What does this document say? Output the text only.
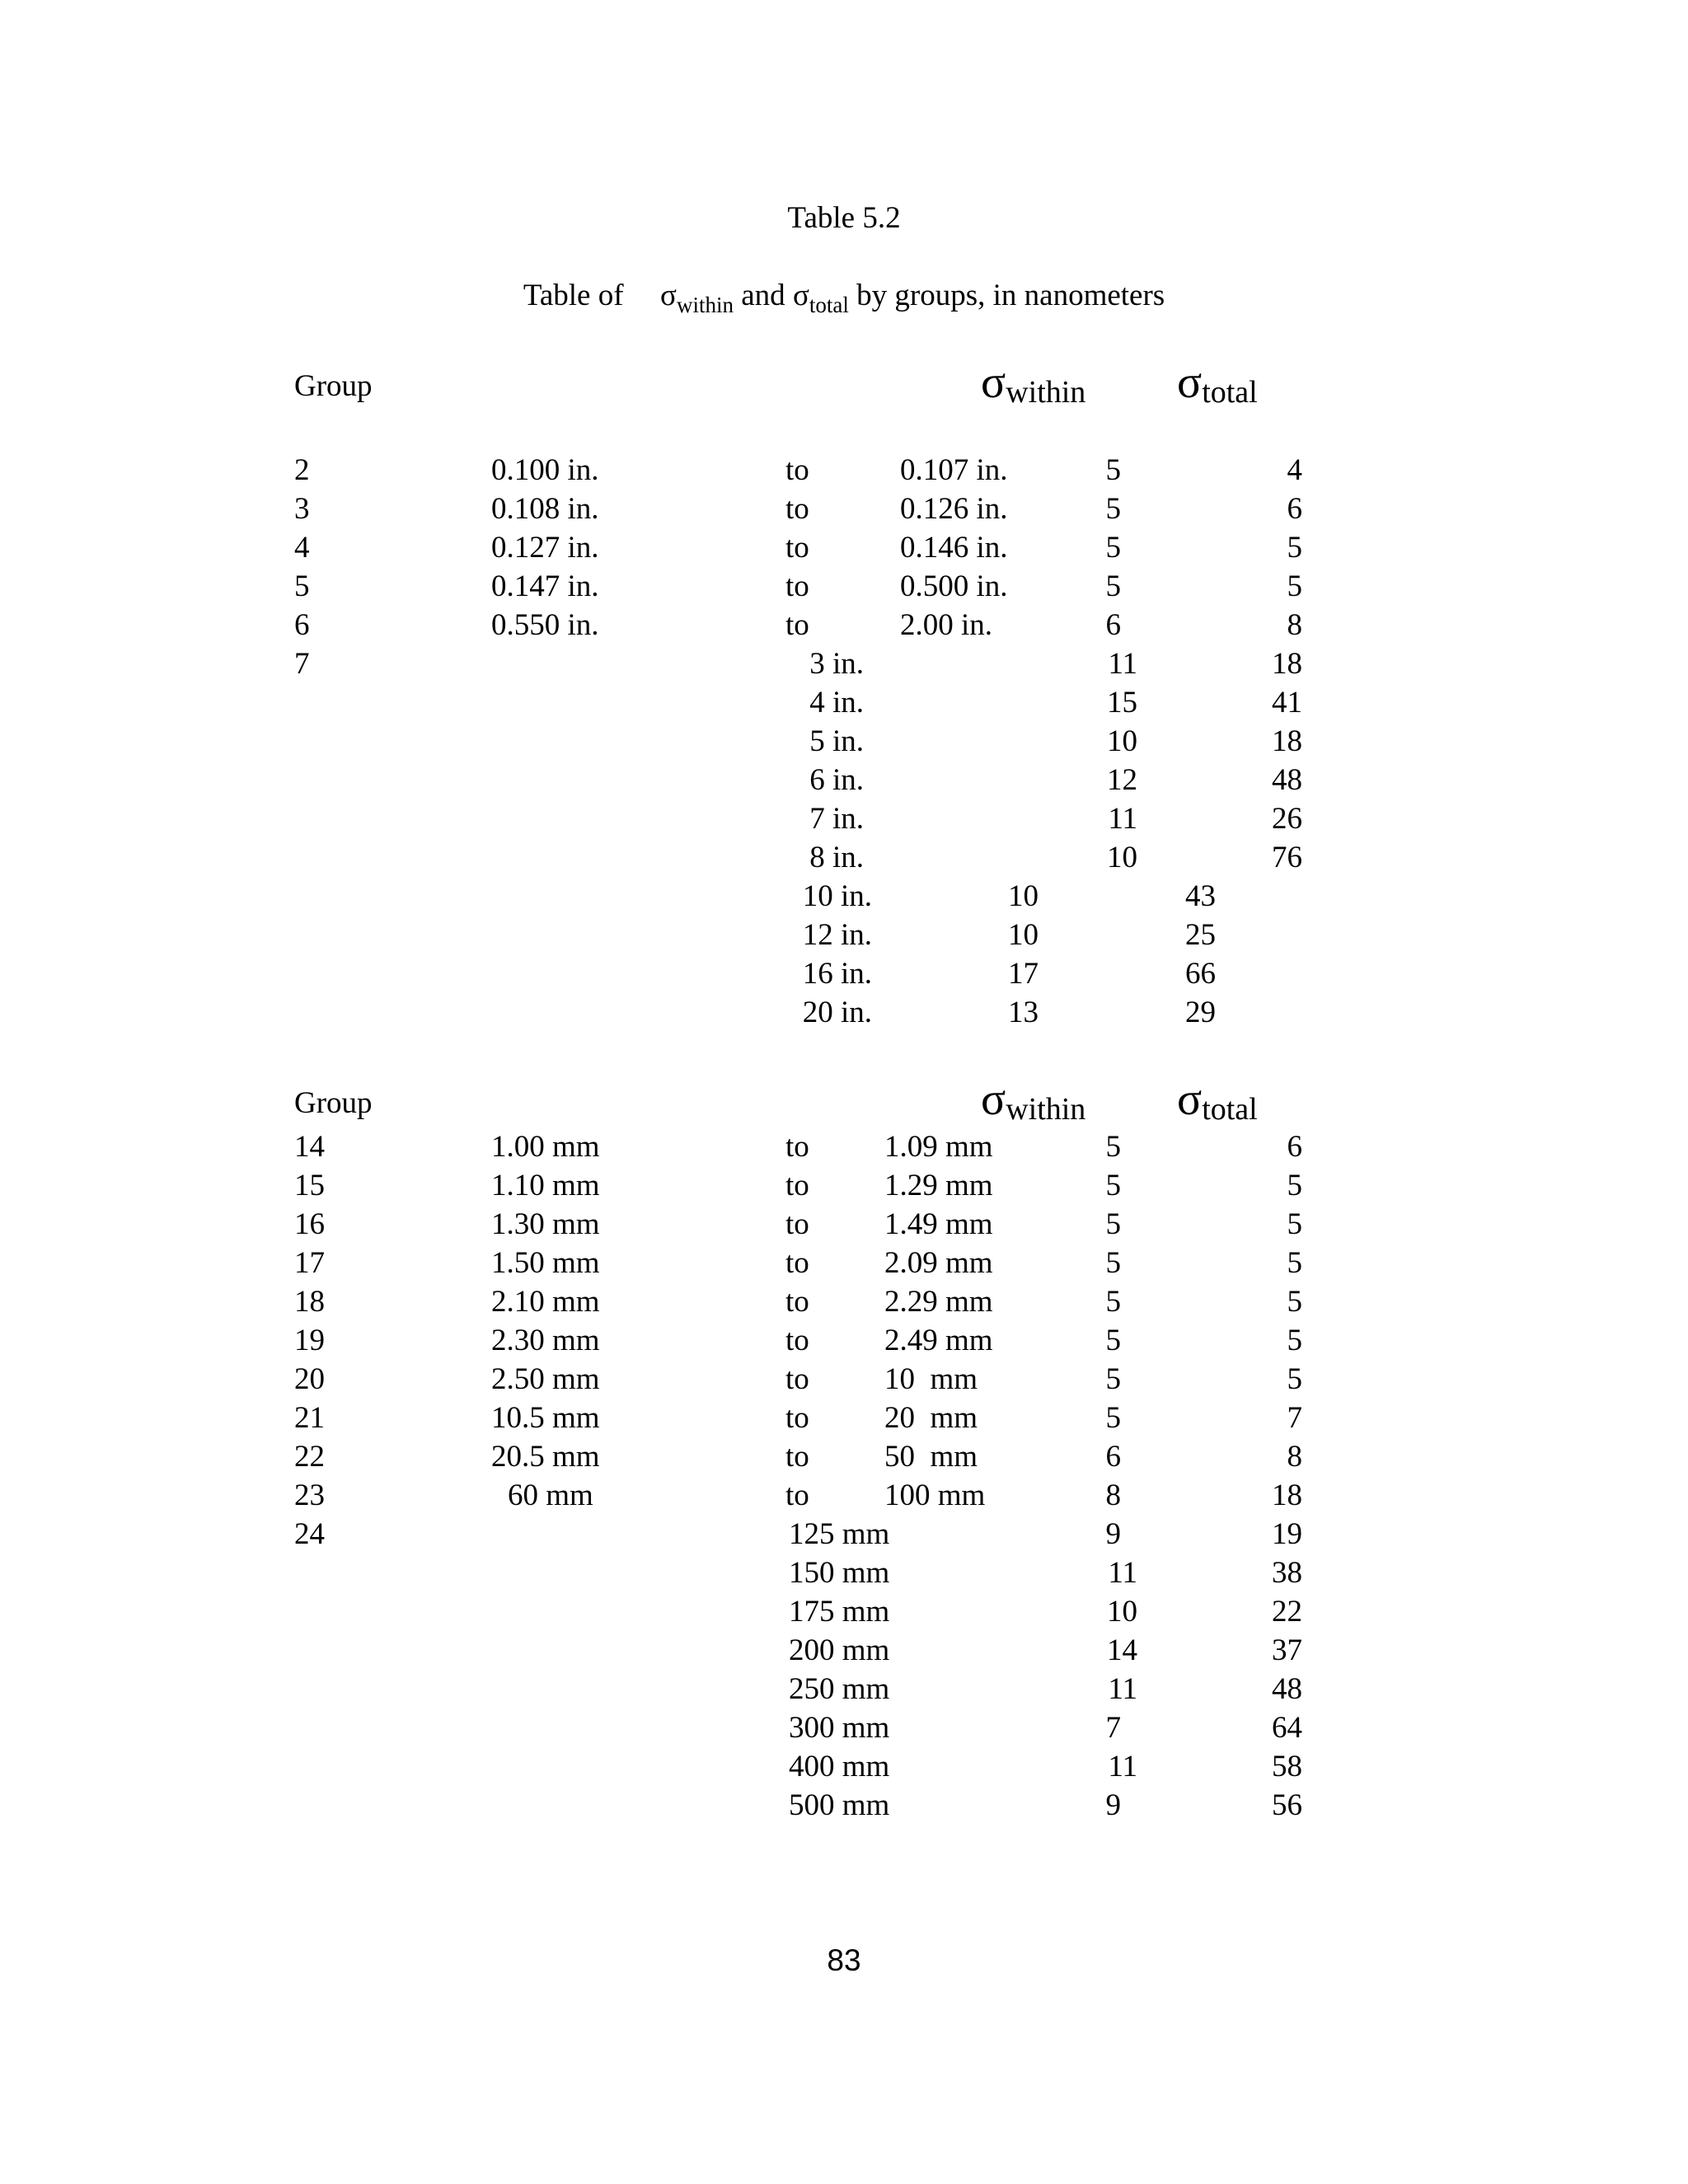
Table 5.2
Table of $\sigma_{within}$ and $\sigma_{total}$ by groups, in nanometers
Group	σwithin σtotal
2	0.100 in.	to	0.107 in.	5	4
3	0.108 in.	to	0.126 in.	5	6
4	0.127 in.	to	0.146 in.	5	5
5	0.147 in.	to	0.500 in.	5	5
6	0.550 in.	to	2.00 in.	6	8
7	3 in.	11	18
4 in.	15	41
5 in.	10	18
6 in.	12	48
7 in.	11	26
8 in.	10	76
10 in.	10	43
12 in.	10	25
16 in.	17	66
20 in.	13	29
Group	σwithin σtotal
14	1.00 mm	to 1.09 mm	5	6
15	1.10 mm	to 1.29 mm	5	5
16	1.30 mm	to 1.49 mm	5	5
17	1.50 mm	to 2.09 mm	5	5
18	2.10 mm	to 2.29 mm	5	5
19	2.30 mm	to 2.49 mm	5	5
20	2.50 mm	to 10  mm	5	5
21	10.5 mm	to 20  mm	5	7
22	20.5 mm	to 50  mm	6	8
23	60 mm	to 100 mm	8	18
24	125 mm	9	19
150 mm	11	38
175 mm	10	22
200 mm	14	37
250 mm	11	48
300 mm	7	64
400 mm	11	58
500 mm	9	56
83
